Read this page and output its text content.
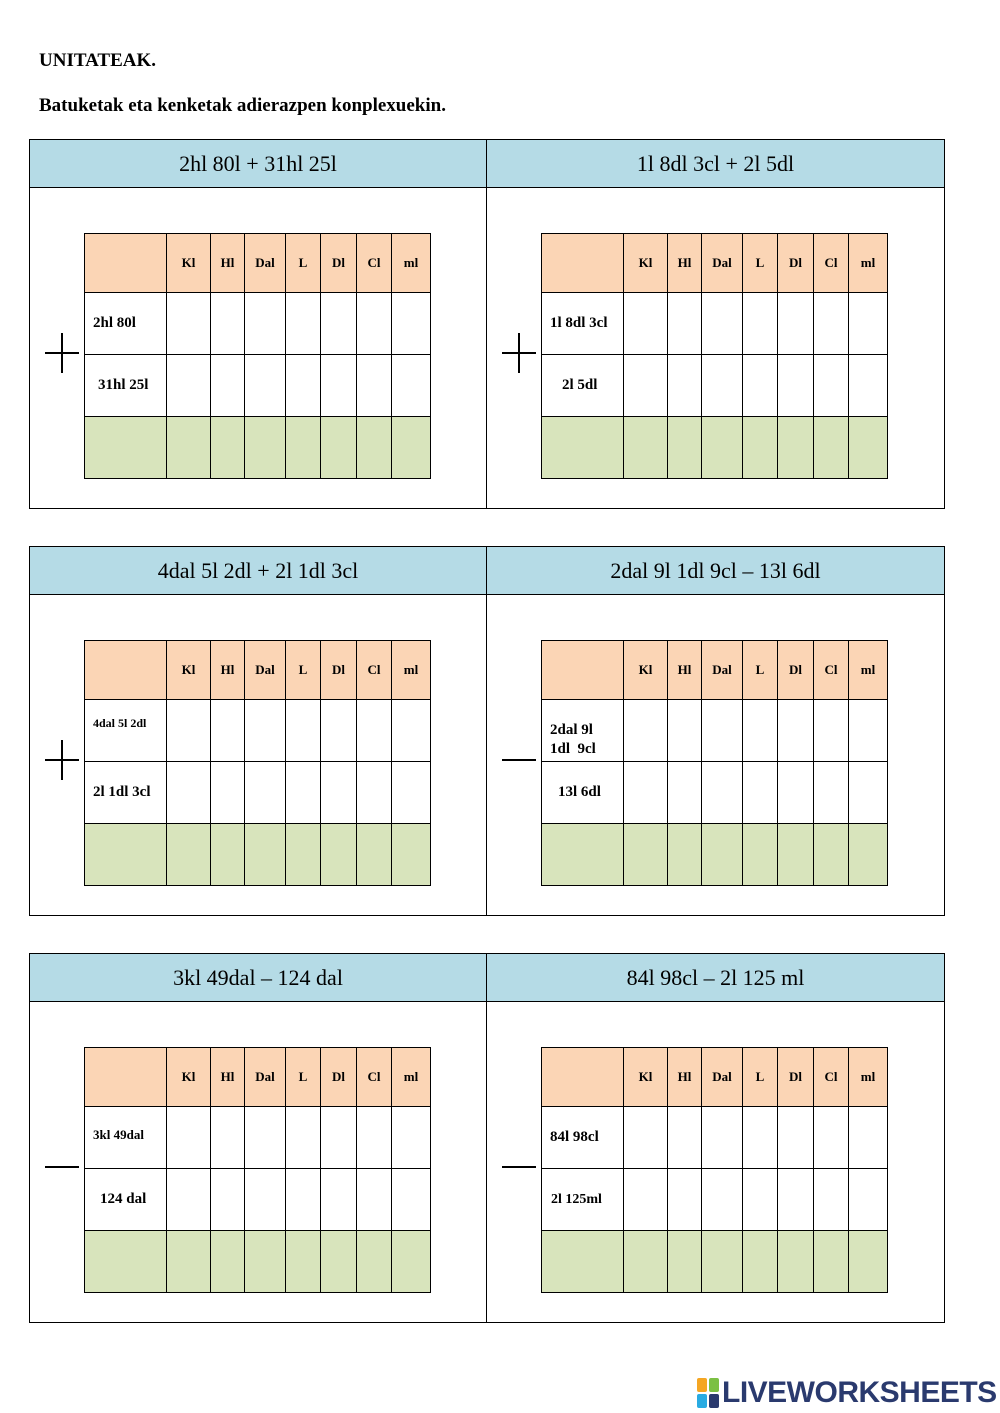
UNITATEAK.
Batuketak eta kenketak adierazpen konplexuekin.
2hl 80l + 31hl 25l
	Kl	Hl	Dal	L	Dl	Cl	ml
2hl 80l							
31hl 25l							

1l 8dl 3cl + 2l 5dl
	Kl	Hl	Dal	L	Dl	Cl	ml
1l 8dl 3cl							
2l 5dl							

4dal 5l 2dl + 2l 1dl 3cl
	Kl	Hl	Dal	L	Dl	Cl	ml
4dal 5l 2dl							
2l 1dl 3cl							

2dal 9l 1dl 9cl – 13l 6dl
	Kl	Hl	Dal	L	Dl	Cl	ml

2dal 9l
1dl  9cl							

13l 6dl							

3kl 49dal – 124 dal
	Kl	Hl	Dal	L	Dl	Cl	ml
3kl 49dal							
124 dal							

84l 98cl – 2l 125 ml
	Kl	Hl	Dal	L	Dl	Cl	ml
84l 98cl							
2l 125ml							

LIVEWORKSHEETS
